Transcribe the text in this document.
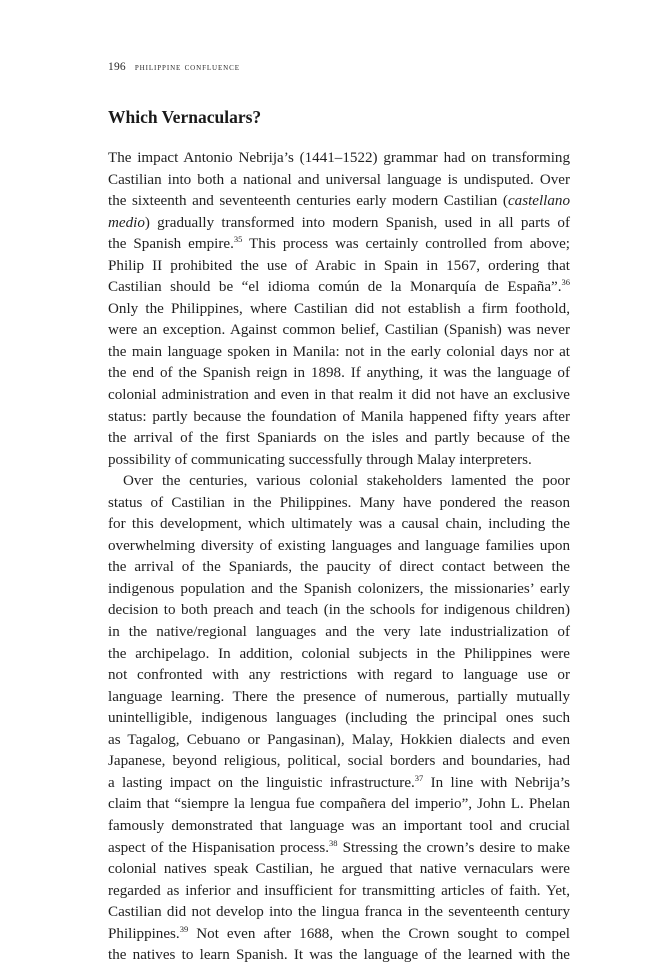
196 philippine confluence
Which Vernaculars?
The impact Antonio Nebrija’s (1441–1522) grammar had on transforming
Castilian into both a national and universal language is undisputed. Over
the sixteenth and seventeenth centuries early modern Castilian (castellano
medio) gradually transformed into modern Spanish, used in all parts of
the Spanish empire.$^{35}$ This process was certainly controlled from above;
Philip II prohibited the use of Arabic in Spain in 1567, ordering that
Castilian should be “el idioma común de la Monarquía de España”.$^{36}$
Only the Philippines, where Castilian did not establish a firm foothold,
were an exception. Against common belief, Castilian (Spanish) was never
the main language spoken in Manila: not in the early colonial days nor at
the end of the Spanish reign in 1898. If anything, it was the language of
colonial administration and even in that realm it did not have an exclusive
status: partly because the foundation of Manila happened fifty years after
the arrival of the first Spaniards on the isles and partly because of the
possibility of communicating successfully through Malay interpreters.
Over the centuries, various colonial stakeholders lamented the poor
status of Castilian in the Philippines. Many have pondered the reason
for this development, which ultimately was a causal chain, including the
overwhelming diversity of existing languages and language families upon
the arrival of the Spaniards, the paucity of direct contact between the
indigenous population and the Spanish colonizers, the missionaries’ early
decision to both preach and teach (in the schools for indigenous children)
in the native/regional languages and the very late industrialization of
the archipelago. In addition, colonial subjects in the Philippines were
not confronted with any restrictions with regard to language use or
language learning. There the presence of numerous, partially mutually
unintelligible, indigenous languages (including the principal ones such
as Tagalog, Cebuano or Pangasinan), Malay, Hokkien dialects and even
Japanese, beyond religious, political, social borders and boundaries, had
a lasting impact on the linguistic infrastructure.$^{37}$ In line with Nebrija’s
claim that “siempre la lengua fue compañera del imperio”, John L. Phelan
famously demonstrated that language was an important tool and crucial
aspect of the Hispanisation process.$^{38}$ Stressing the crown’s desire to make
colonial natives speak Castilian, he argued that native vernaculars were
regarded as inferior and insufficient for transmitting articles of faith. Yet,
Castilian did not develop into the lingua franca in the seventeenth century
Philippines.$^{39}$ Not even after 1688, when the Crown sought to compel
the natives to learn Spanish. It was the language of the learned with the
